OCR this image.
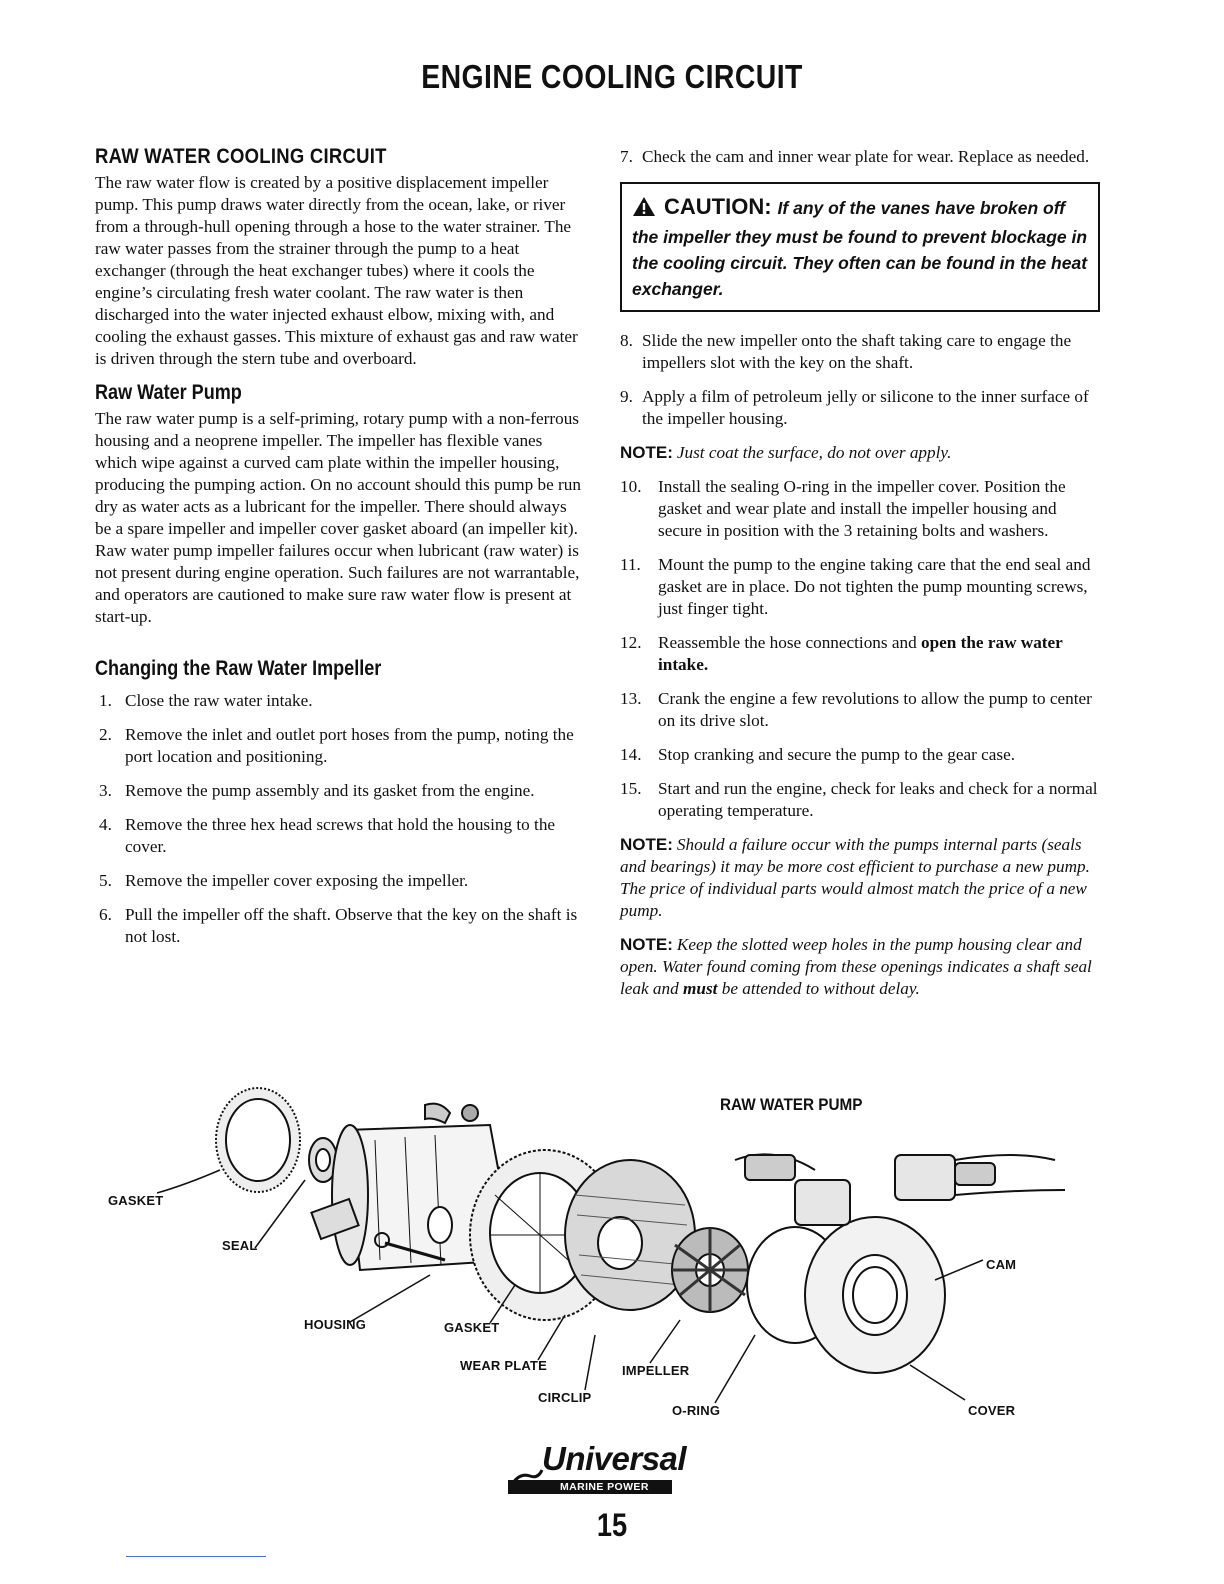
ENGINE COOLING CIRCUIT
RAW WATER COOLING CIRCUIT

The raw water flow is created by a positive displacement impeller pump. This pump draws water directly from the ocean, lake, or river from a through-hull opening through a hose to the water strainer. The raw water passes from the strainer through the pump to a heat exchanger (through the heat exchanger tubes) where it cools the engine’s circulating fresh water coolant. The raw water is then discharged into the water injected exhaust elbow, mixing with, and cooling the exhaust gasses. This mixture of exhaust gas and raw water is driven through the stern tube and overboard.

Raw Water Pump

The raw water pump is a self-priming, rotary pump with a non-ferrous housing and a neoprene impeller. The impeller has flexible vanes which wipe against a curved cam plate within the impeller housing, producing the pumping action. On no account should this pump be run dry as water acts as a lubricant for the impeller. There should always be a spare impeller and impeller cover gasket aboard (an impeller kit). Raw water pump impeller failures occur when lubricant (raw water) is not present during engine operation. Such failures are not warrantable, and operators are cautioned to make sure raw water flow is present at start-up.

Changing the Raw Water Impeller
1. Close the raw water intake.
2. Remove the inlet and outlet port hoses from the pump, noting the port location and positioning.
3. Remove the pump assembly and its gasket from the engine.
4. Remove the three hex head screws that hold the housing to the cover.
5. Remove the impeller cover exposing the impeller.
6. Pull the impeller off the shaft. Observe that the key on the shaft is not lost.
7. Check the cam and inner wear plate for wear. Replace as needed.
CAUTION: If any of the vanes have broken off the impeller they must be found to prevent blockage in the cooling circuit. They often can be found in the heat exchanger.
8. Slide the new impeller onto the shaft taking care to engage the impellers slot with the key on the shaft.
9. Apply a film of petroleum jelly or silicone to the inner surface of the impeller housing.

NOTE: Just coat the surface, do not over apply.

10. Install the sealing O-ring in the impeller cover. Position the gasket and wear plate and install the impeller housing and secure in position with the 3 retaining bolts and washers.
11. Mount the pump to the engine taking care that the end seal and gasket are in place. Do not tighten the pump mounting screws, just finger tight.
12. Reassemble the hose connections and open the raw water intake.
13. Crank the engine a few revolutions to allow the pump to center on its drive slot.
14. Stop cranking and secure the pump to the gear case.
15. Start and run the engine, check for leaks and check for a normal operating temperature.

NOTE: Should a failure occur with the pumps internal parts (seals and bearings) it may be more cost efficient to purchase a new pump. The price of individual parts would almost match the price of a new pump.

NOTE: Keep the slotted weep holes in the pump housing clear and open. Water found coming from these openings indicates a shaft seal leak and must be attended to without delay.

RAW WATER PUMP
GASKET
SEAL
HOUSING	GASKET
WEAR PLATE
CIRCLIP
IMPELLER
O-RING
CAM
COVER
Universal
MARINE POWER
15
